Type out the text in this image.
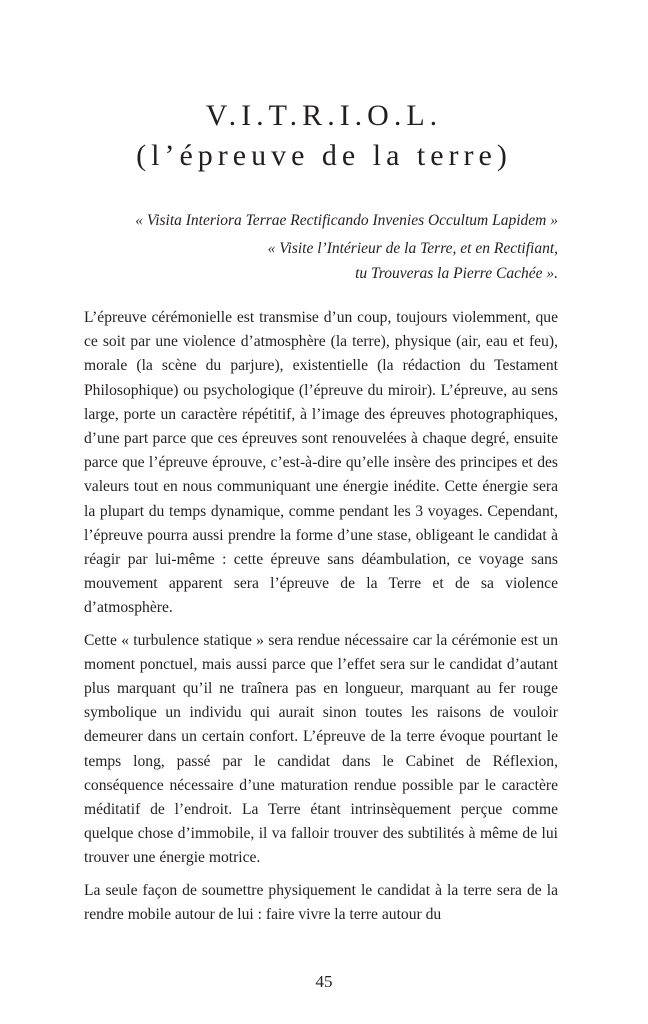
V.I.T.R.I.O.L.
(l’épreuve de la terre)

« Visita Interiora Terrae Rectificando Invenies Occultum Lapidem »

« Visite l’Intérieur de la Terre, et en Rectifiant,

tu Trouveras la Pierre Cachée ».

L’épreuve cérémonielle est transmise d’un coup, toujours violemment, que ce soit par une violence d’atmosphère (la terre), physique (air, eau et feu), morale (la scène du parjure), existentielle (la rédaction du Testament Philosophique) ou psychologique (l’épreuve du miroir). L’épreuve, au sens large, porte un caractère répétitif, à l’image des épreuves photographiques, d’une part parce que ces épreuves sont renouvelées à chaque degré, ensuite parce que l’épreuve éprouve, c’est-à-dire qu’elle insère des principes et des valeurs tout en nous communiquant une énergie inédite. Cette énergie sera la plupart du temps dynamique, comme pendant les 3 voyages. Cependant, l’épreuve pourra aussi prendre la forme d’une stase, obligeant le candidat à réagir par lui-même : cette épreuve sans déambulation, ce voyage sans mouvement apparent sera l’épreuve de la Terre et de sa violence d’atmosphère.

Cette « turbulence statique » sera rendue nécessaire car la cérémonie est un moment ponctuel, mais aussi parce que l’effet sera sur le candidat d’autant plus marquant qu’il ne traînera pas en longueur, marquant au fer rouge symbolique un individu qui aurait sinon toutes les raisons de vouloir demeurer dans un certain confort. L’épreuve de la terre évoque pourtant le temps long, passé par le candidat dans le Cabinet de Réflexion, conséquence nécessaire d’une maturation rendue possible par le caractère méditatif de l’endroit. La Terre étant intrinsèquement perçue comme quelque chose d’immobile, il va falloir trouver des subtilités à même de lui trouver une énergie motrice.

La seule façon de soumettre physiquement le candidat à la terre sera de la rendre mobile autour de lui : faire vivre la terre autour du

45
